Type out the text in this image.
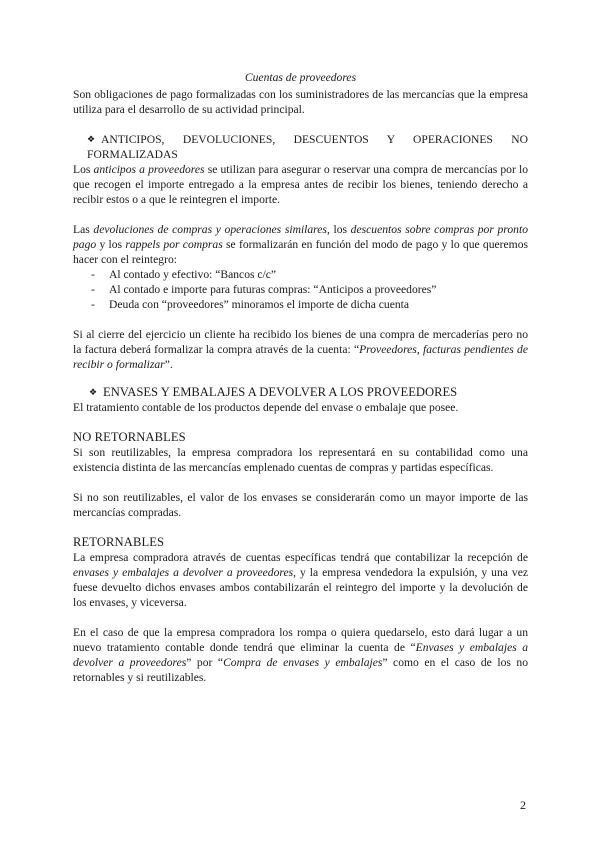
Cuentas de proveedores

Son obligaciones de pago formalizadas con los suministradores de las mercancías que la empresa utiliza para el desarrollo de su actividad principal.

❖ ANTICIPOS, DEVOLUCIONES, DESCUENTOS Y OPERACIONES NO FORMALIZADAS

Los anticipos a proveedores se utilizan para asegurar o reservar una compra de mercancías por lo que recogen el importe entregado a la empresa antes de recibir los bienes, teniendo derecho a recibir estos o a que le reintegren el importe.

Las devoluciones de compras y operaciones similares, los descuentos sobre compras por pronto pago y los rappels por compras se formalizarán en función del modo de pago y lo que queremos hacer con el reintegro:

- Al contado y efectivo: “Bancos c/c”
- Al contado e importe para futuras compras: “Anticipos a proveedores”
- Deuda con “proveedores” minoramos el importe de dicha cuenta

Si al cierre del ejercicio un cliente ha recibido los bienes de una compra de mercaderías pero no la factura deberá formalizar la compra através de la cuenta: “Proveedores, facturas pendientes de recibir o formalizar”.

❖ ENVASES Y EMBALAJES A DEVOLVER A LOS PROVEEDORES

El tratamiento contable de los productos depende del envase o embalaje que posee.

NO RETORNABLES

Si son reutilizables, la empresa compradora los representará en su contabilidad como una existencia distinta de las mercancías emplenado cuentas de compras y partidas específicas.

Si no son reutilizables, el valor de los envases se considerarán como un mayor importe de las mercancías compradas.

RETORNABLES

La empresa compradora através de cuentas específicas tendrá que contabilizar la recepción de envases y embalajes a devolver a proveedores, y la empresa vendedora la expulsión, y una vez fuese devuelto dichos envases ambos contabilizarán el reintegro del importe y la devolución de los envases, y viceversa.

En el caso de que la empresa compradora los rompa o quiera quedarselo, esto dará lugar a un nuevo tratamiento contable donde tendrá que eliminar la cuenta de “Envases y embalajes a devolver a proveedores” por “Compra de envases y embalajes” como en el caso de los no retornables y si reutilizables.

2
